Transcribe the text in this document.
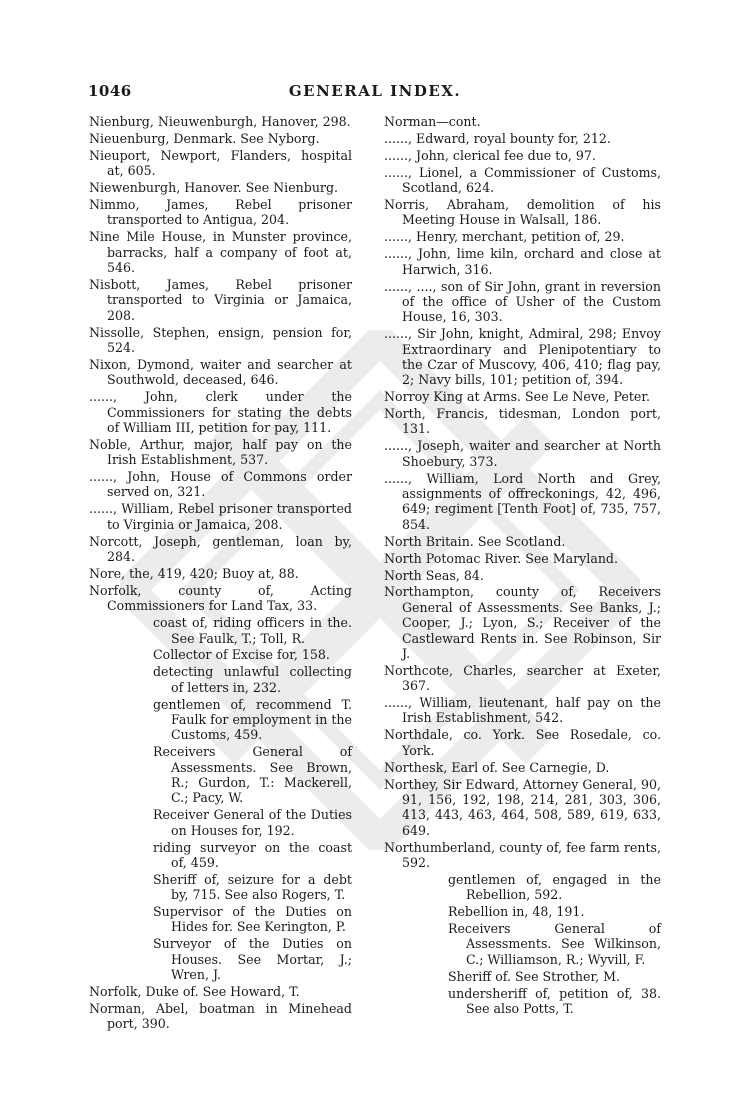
1046	GENERAL INDEX.

Nienburg, Nieuwenburgh, Hanover, 298.

Nieuenburg, Denmark. See Nyborg.

Nieuport, Newport, Flanders, hospital at, 605.

Niewenburgh, Hanover. See Nienburg.

Nimmo, James, Rebel prisoner transported to Antigua, 204.

Nine Mile House, in Munster province, barracks, half a company of foot at, 546.

Nisbott, James, Rebel prisoner transported to Virginia or Jamaica, 208.

Nissolle, Stephen, ensign, pension for, 524.

Nixon, Dymond, waiter and searcher at Southwold, deceased, 646.

......, John, clerk under the Commissioners for stating the debts of William III, petition for pay, 111.

Noble, Arthur, major, half pay on the Irish Establishment, 537.

......, John, House of Commons order served on, 321.

......, William, Rebel prisoner transported to Virginia or Jamaica, 208.

Norcott, Joseph, gentleman, loan by, 284.

Nore, the, 419, 420; Buoy at, 88.

Norfolk, county of, Acting Commissioners for Land Tax, 33.

coast of, riding officers in the. See Faulk, T.; Toll, R.

Collector of Excise for, 158.

detecting unlawful collecting of letters in, 232.

gentlemen of, recommend T. Faulk for employment in the Customs, 459.

Receivers General of Assessments. See Brown, R.; Gurdon, T.: Mackerell, C.; Pacy, W.

Receiver General of the Duties on Houses for, 192.

riding surveyor on the coast of, 459.

Sheriff of, seizure for a debt by, 715. See also Rogers, T.

Supervisor of the Duties on Hides for. See Kerington, P.

Surveyor of the Duties on Houses. See Mortar, J.; Wren, J.

Norfolk, Duke of. See Howard, T.

Norman, Abel, boatman in Minehead port, 390.

Norman—cont.

......, Edward, royal bounty for, 212.

......, John, clerical fee due to, 97.

......, Lionel, a Commissioner of Customs, Scotland, 624.

Norris, Abraham, demolition of his Meeting House in Walsall, 186.

......, Henry, merchant, petition of, 29.

......, John, lime kiln, orchard and close at Harwich, 316.

......, ...., son of Sir John, grant in reversion of the office of Usher of the Custom House, 16, 303.

......, Sir John, knight, Admiral, 298; Envoy Extraordinary and Plenipotentiary to the Czar of Muscovy, 406, 410; flag pay, 2; Navy bills, 101; petition of, 394.

Norroy King at Arms. See Le Neve, Peter.

North, Francis, tidesman, London port, 131.

......, Joseph, waiter and searcher at North Shoebury, 373.

......, William, Lord North and Grey, assignments of offreckonings, 42, 496, 649; regiment [Tenth Foot] of, 735, 757, 854.

North Britain. See Scotland.

North Potomac River. See Maryland.

North Seas, 84.

Northampton, county of, Receivers General of Assessments. See Banks, J.; Cooper, J.; Lyon, S.; Receiver of the Castleward Rents in. See Robinson, Sir J.

Northcote, Charles, searcher at Exeter, 367.

......, William, lieutenant, half pay on the Irish Establishment, 542.

Northdale, co. York. See Rosedale, co. York.

Northesk, Earl of. See Carnegie, D.

Northey, Sir Edward, Attorney General, 90, 91, 156, 192, 198, 214, 281, 303, 306, 413, 443, 463, 464, 508, 589, 619, 633, 649.

Northumberland, county of, fee farm rents, 592.

gentlemen of, engaged in the Rebellion, 592.

Rebellion in, 48, 191.

Receivers General of Assessments. See Wilkinson, C.; Williamson, R.; Wyvill, F.

Sheriff of. See Strother, M.

undersheriff of, petition of, 38. See also Potts, T.
